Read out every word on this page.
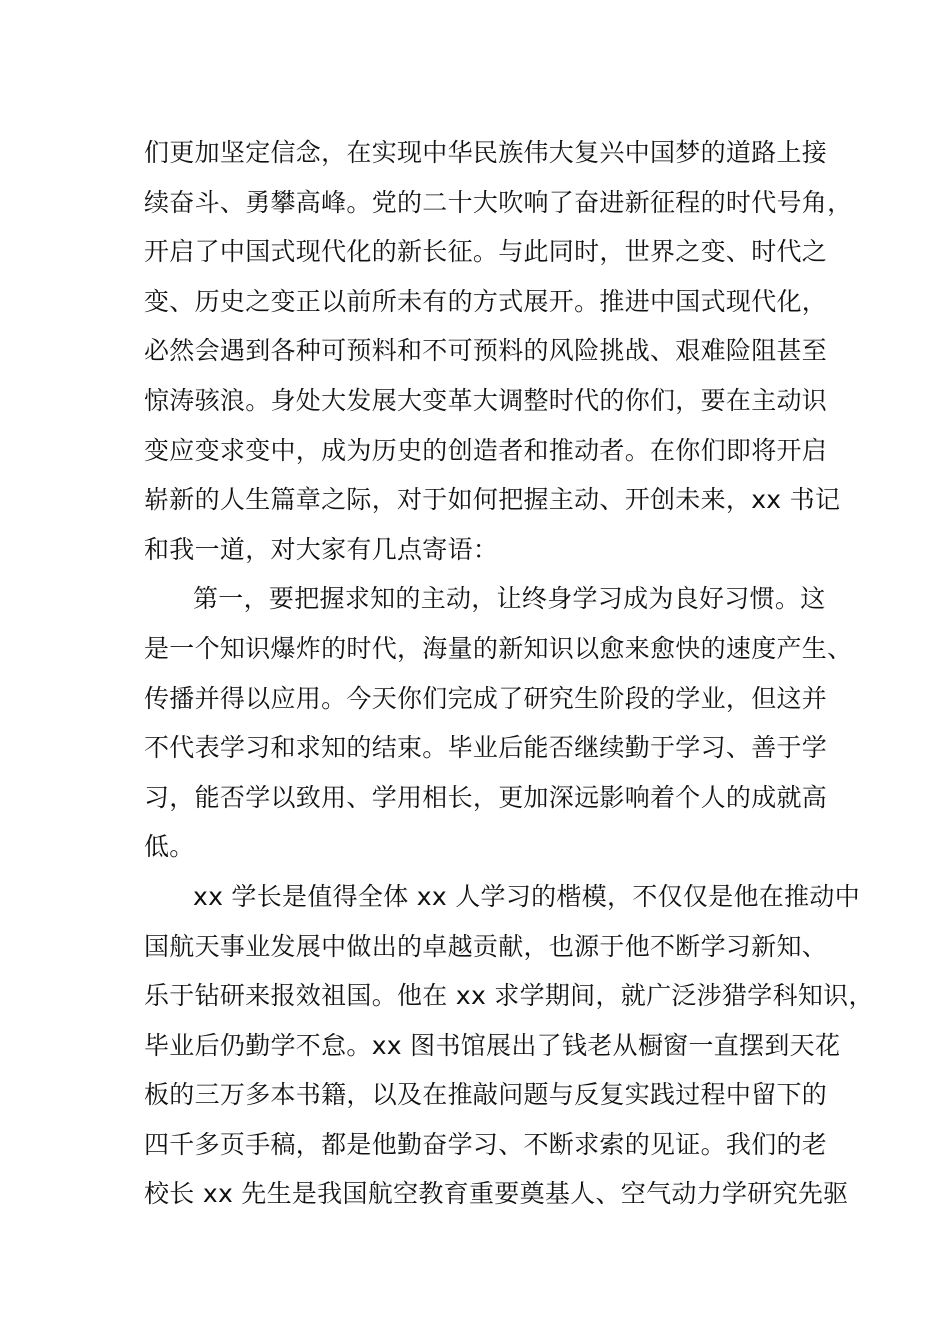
们更加坚定信念，在实现中华民族伟大复兴中国梦的道路上接
续奋斗、勇攀高峰。党的二十大吹响了奋进新征程的时代号角，
开启了中国式现代化的新长征。与此同时，世界之变、时代之
变、历史之变正以前所未有的方式展开。推进中国式现代化，
必然会遇到各种可预料和不可预料的风险挑战、艰难险阻甚至
惊涛骇浪。身处大发展大变革大调整时代的你们，要在主动识
变应变求变中，成为历史的创造者和推动者。在你们即将开启
崭新的人生篇章之际，对于如何把握主动、开创未来，xx 书记
和我一道，对大家有几点寄语：
第一，要把握求知的主动，让终身学习成为良好习惯。这
是一个知识爆炸的时代，海量的新知识以愈来愈快的速度产生、
传播并得以应用。今天你们完成了研究生阶段的学业，但这并
不代表学习和求知的结束。毕业后能否继续勤于学习、善于学
习，能否学以致用、学用相长，更加深远影响着个人的成就高
低。
xx 学长是值得全体 xx 人学习的楷模，不仅仅是他在推动中
国航天事业发展中做出的卓越贡献，也源于他不断学习新知、
乐于钻研来报效祖国。他在 xx 求学期间，就广泛涉猎学科知识，
毕业后仍勤学不怠。xx 图书馆展出了钱老从橱窗一直摆到天花
板的三万多本书籍，以及在推敲问题与反复实践过程中留下的
四千多页手稿，都是他勤奋学习、不断求索的见证。我们的老
校长 xx 先生是我国航空教育重要奠基人、空气动力学研究先驱
